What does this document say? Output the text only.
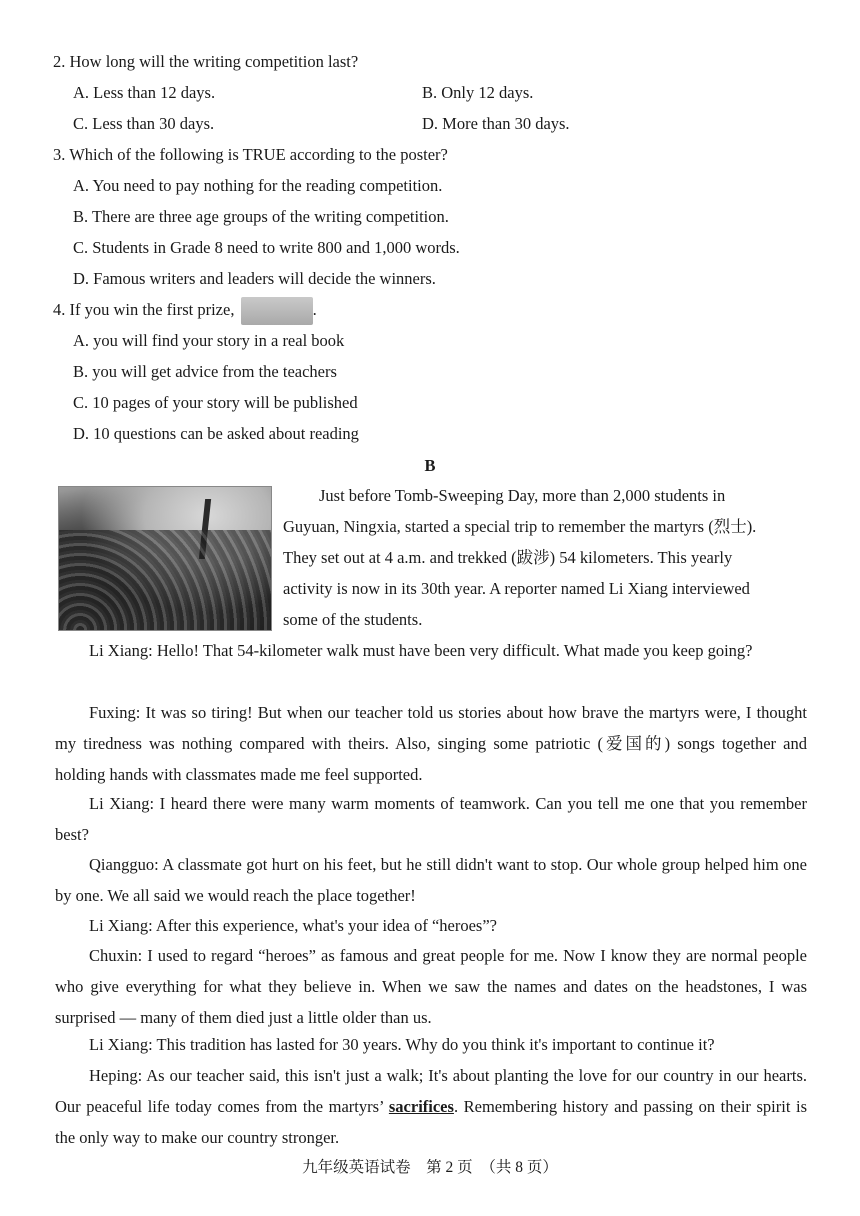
2. How long will the writing competition last?
A. Less than 12 days.	B. Only 12 days.
C. Less than 30 days.	D. More than 30 days.
3. Which of the following is TRUE according to the poster?
A. You need to pay nothing for the reading competition.
B. There are three age groups of the writing competition.
C. Students in Grade 8 need to write 800 and 1,000 words.
D. Famous writers and leaders will decide the winners.
4. If you win the first prize,	.
A. you will find your story in a real book
B. you will get advice from the teachers
C. 10 pages of your story will be published
D. 10 questions can be asked about reading
B
Just before Tomb-Sweeping Day, more than 2,000 students in
Guyuan, Ningxia, started a special trip to remember the martyrs (烈士).
They set out at 4 a.m. and trekked (跋涉) 54 kilometers. This yearly
activity is now in its 30th year. A reporter named Li Xiang interviewed
some of the students.
Li Xiang: Hello! That 54-kilometer walk must have been very difficult. What made you keep going?
Fuxing: It was so tiring! But when our teacher told us stories about how brave the martyrs were, I thought my tiredness was nothing compared with theirs. Also, singing some patriotic (爱国的) songs together and holding hands with classmates made me feel supported.
Li Xiang: I heard there were many warm moments of teamwork. Can you tell me one that you remember best?
Qiangguo: A classmate got hurt on his feet, but he still didn't want to stop. Our whole group helped him one by one. We all said we would reach the place together!
Li Xiang: After this experience, what's your idea of “heroes”?
Chuxin: I used to regard “heroes” as famous and great people for me. Now I know they are normal people who give everything for what they believe in. When we saw the names and dates on the headstones, I was surprised — many of them died just a little older than us.
Li Xiang: This tradition has lasted for 30 years. Why do you think it's important to continue it?
Heping: As our teacher said, this isn't just a walk; It's about planting the love for our country in our hearts. Our peaceful life today comes from the martyrs’ sacrifices. Remembering history and passing on their spirit is the only way to make our country stronger.
九年级英语试卷　第 2 页　（共 8 页）
